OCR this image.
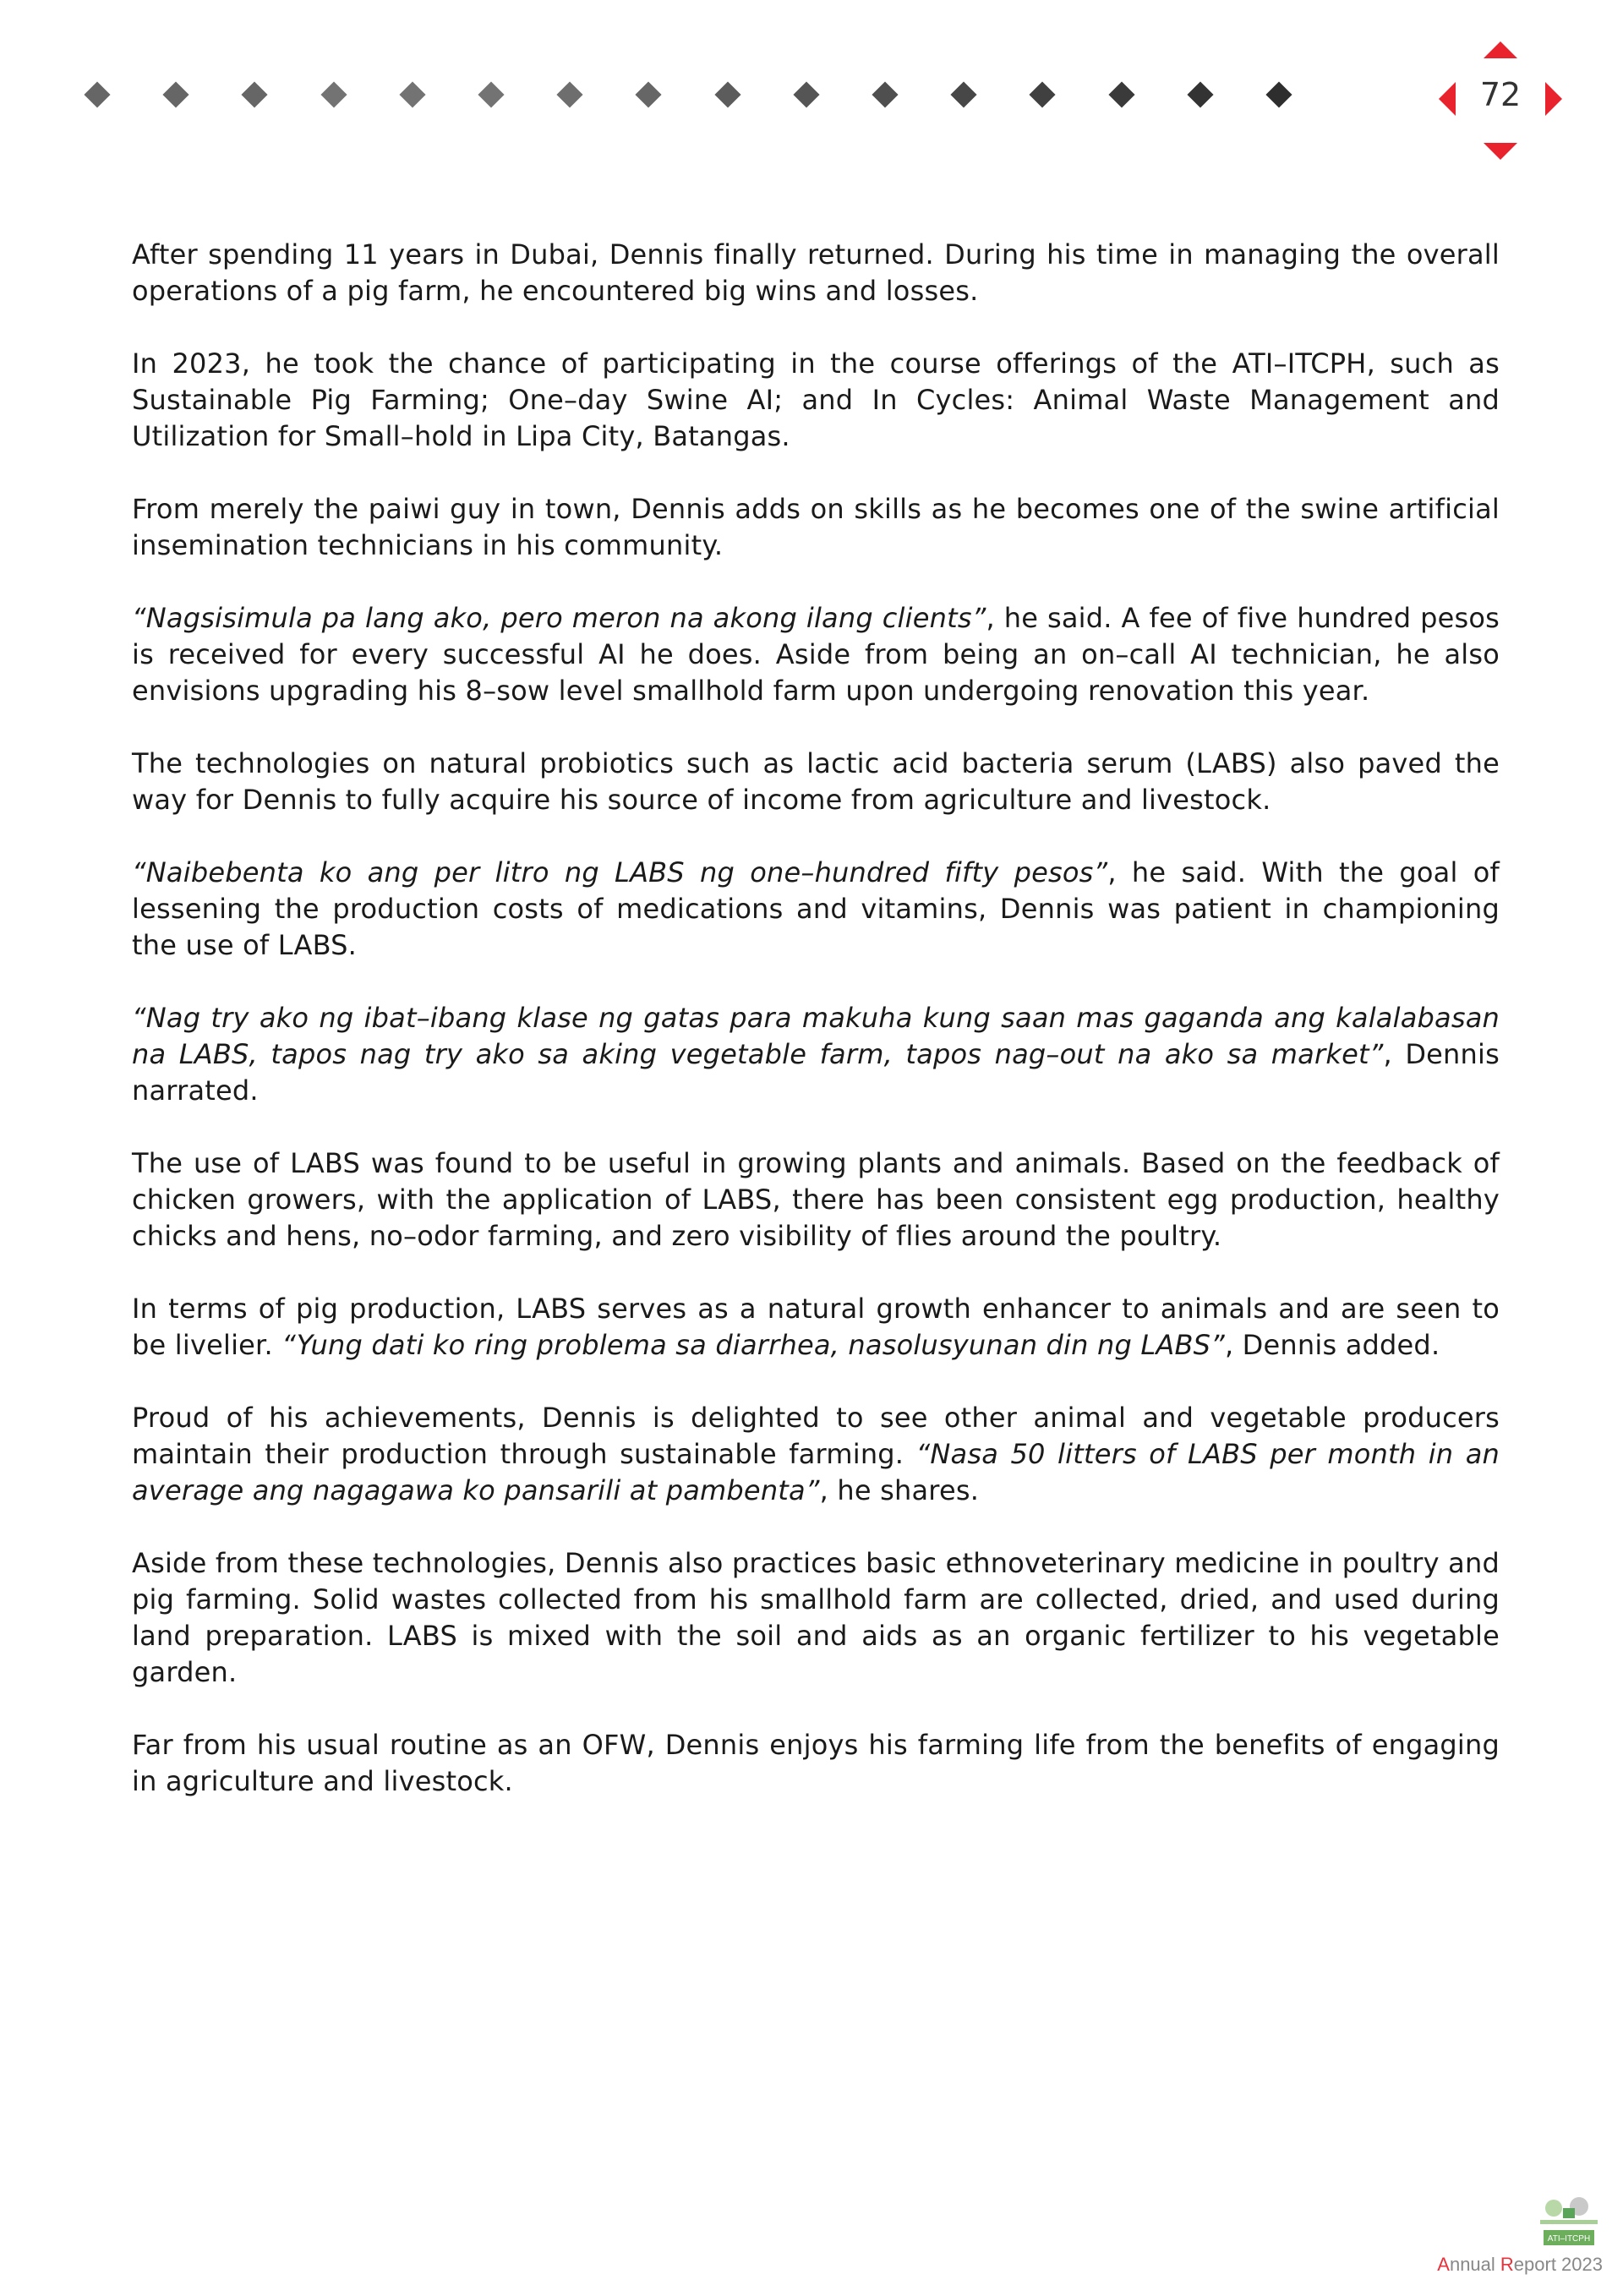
72

After spending 11 years in Dubai, Dennis finally returned. During his time in managing the overall operations of a pig farm, he encountered big wins and losses.

In 2023, he took the chance of participating in the course offerings of the ATI–ITCPH, such as Sustainable Pig Farming; One–day Swine AI; and In Cycles: Animal Waste Management and Utilization for Small–hold in Lipa City, Batangas.

From merely the paiwi guy in town, Dennis adds on skills as he becomes one of the swine artificial insemination technicians in his community.

“Nagsisimula pa lang ako, pero meron na akong ilang clients”, he said. A fee of five hundred pesos is received for every successful AI he does. Aside from being an on–call AI technician, he also envisions upgrading his 8–sow level smallhold farm upon undergoing renovation this year.

The technologies on natural probiotics such as lactic acid bacteria serum (LABS) also paved the way for Dennis to fully acquire his source of income from agriculture and livestock.

“Naibebenta ko ang per litro ng LABS ng one–hundred fifty pesos”, he said. With the goal of lessening the production costs of medications and vitamins, Dennis was patient in championing the use of LABS.

“Nag try ako ng ibat–ibang klase ng gatas para makuha kung saan mas gaganda ang kalalabasan na LABS, tapos nag try ako sa aking vegetable farm, tapos nag–out na ako sa market”, Dennis narrated.

The use of LABS was found to be useful in growing plants and animals. Based on the feedback of chicken growers, with the application of LABS, there has been consistent egg production, healthy chicks and hens, no–odor farming, and zero visibility of flies around the poultry.

In terms of pig production, LABS serves as a natural growth enhancer to animals and are seen to be livelier. “Yung dati ko ring problema sa diarrhea, nasolusyunan din ng LABS”, Dennis added.

Proud of his achievements, Dennis is delighted to see other animal and vegetable producers maintain their production through sustainable farming. “Nasa 50 litters of LABS per month in an average ang nagagawa ko pansarili at pambenta”, he shares.

Aside from these technologies, Dennis also practices basic ethnoveterinary medicine in poultry and pig farming. Solid wastes collected from his smallhold farm are collected, dried, and used during land preparation. LABS is mixed with the soil and aids as an organic fertilizer to his vegetable garden.

Far from his usual routine as an OFW, Dennis enjoys his farming life from the benefits of engaging in agriculture and livestock.

ATI–ITCPH
Annual Report 2023
